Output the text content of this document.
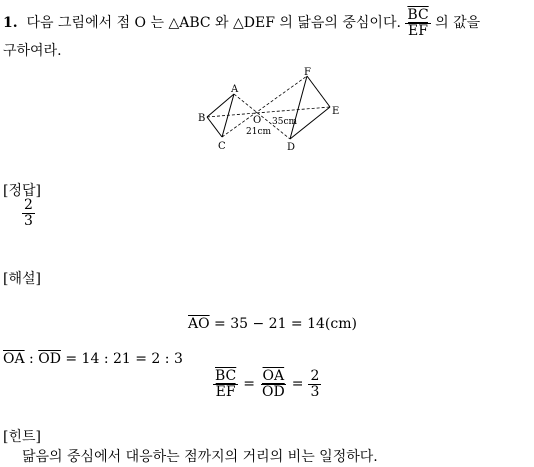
1. 다음 그림에서 점 O 는 △ABC 와 △DEF 의 닮음의 중심이다. $\frac{\overline{BC}}{EF}$ 의 값을
구하여라.
A
B
C
F
E
D
O
21cm
35cm
[정답]
$\frac{2}{3}$
[해설]
$\overline{AO} = 35 - 21 = 14(cm)$
$\overline{OA}$ : $\overline{OD} = 14$ : 21 = 2 : 3
$\frac{\overline{BC}}{EF} = \frac{\overline{OA}}{OD} = \frac{2}{3}$
[힌트]
닮음의 중심에서 대응하는 점까지의 거리의 비는 일정하다.
